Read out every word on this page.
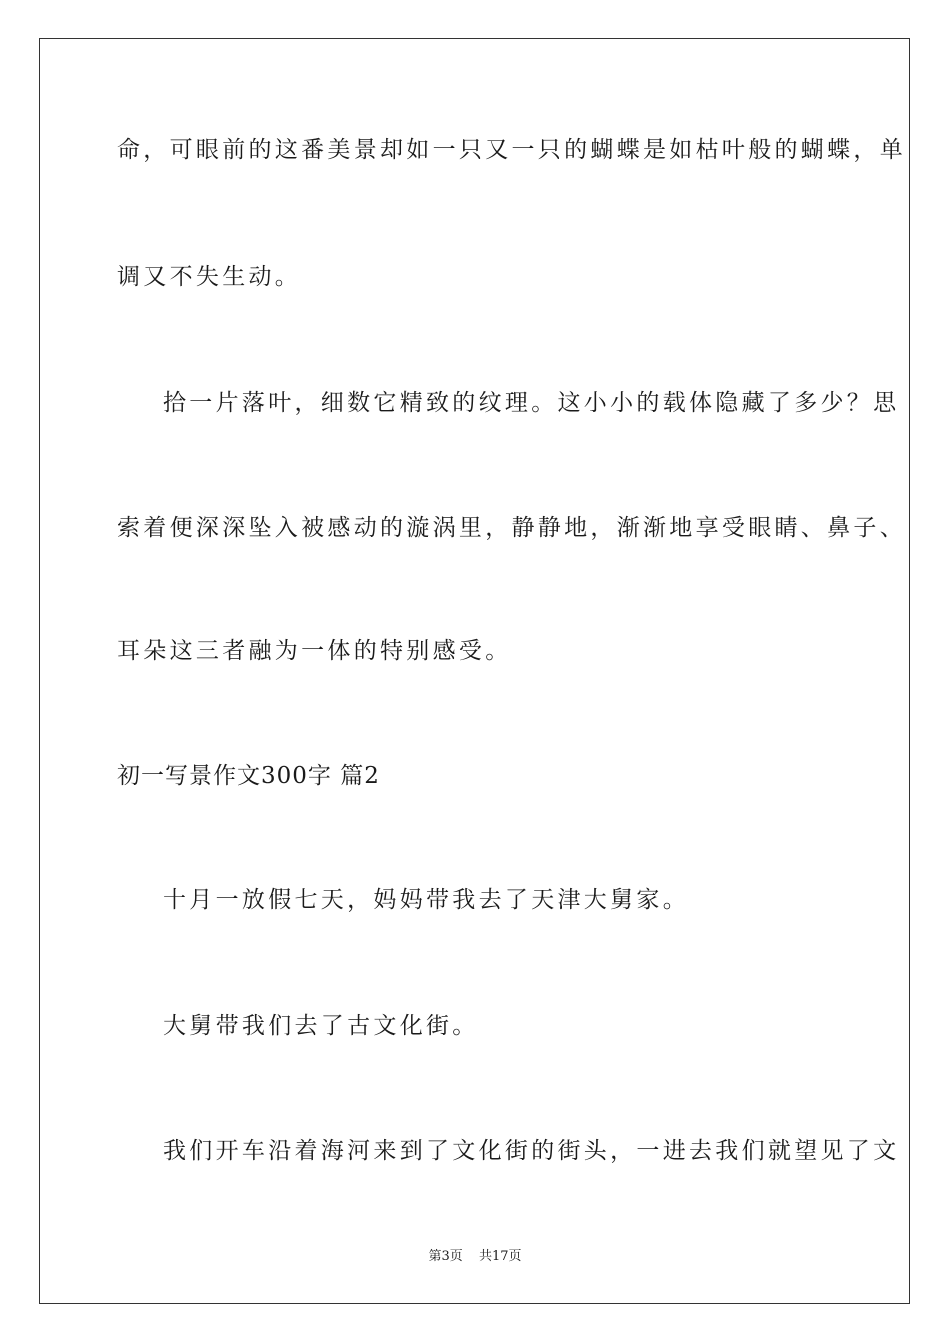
命，可眼前的这番美景却如一只又一只的蝴蝶是如枯叶般的蝴蝶，单
调又不失生动。
拾一片落叶，细数它精致的纹理。这小小的载体隐藏了多少？思
索着便深深坠入被感动的漩涡里，静静地，渐渐地享受眼睛、鼻子、
耳朵这三者融为一体的特别感受。
初一写景作文300字 篇2
十月一放假七天，妈妈带我去了天津大舅家。
大舅带我们去了古文化街。
我们开车沿着海河来到了文化街的街头，一进去我们就望见了文
第3页 共17页
